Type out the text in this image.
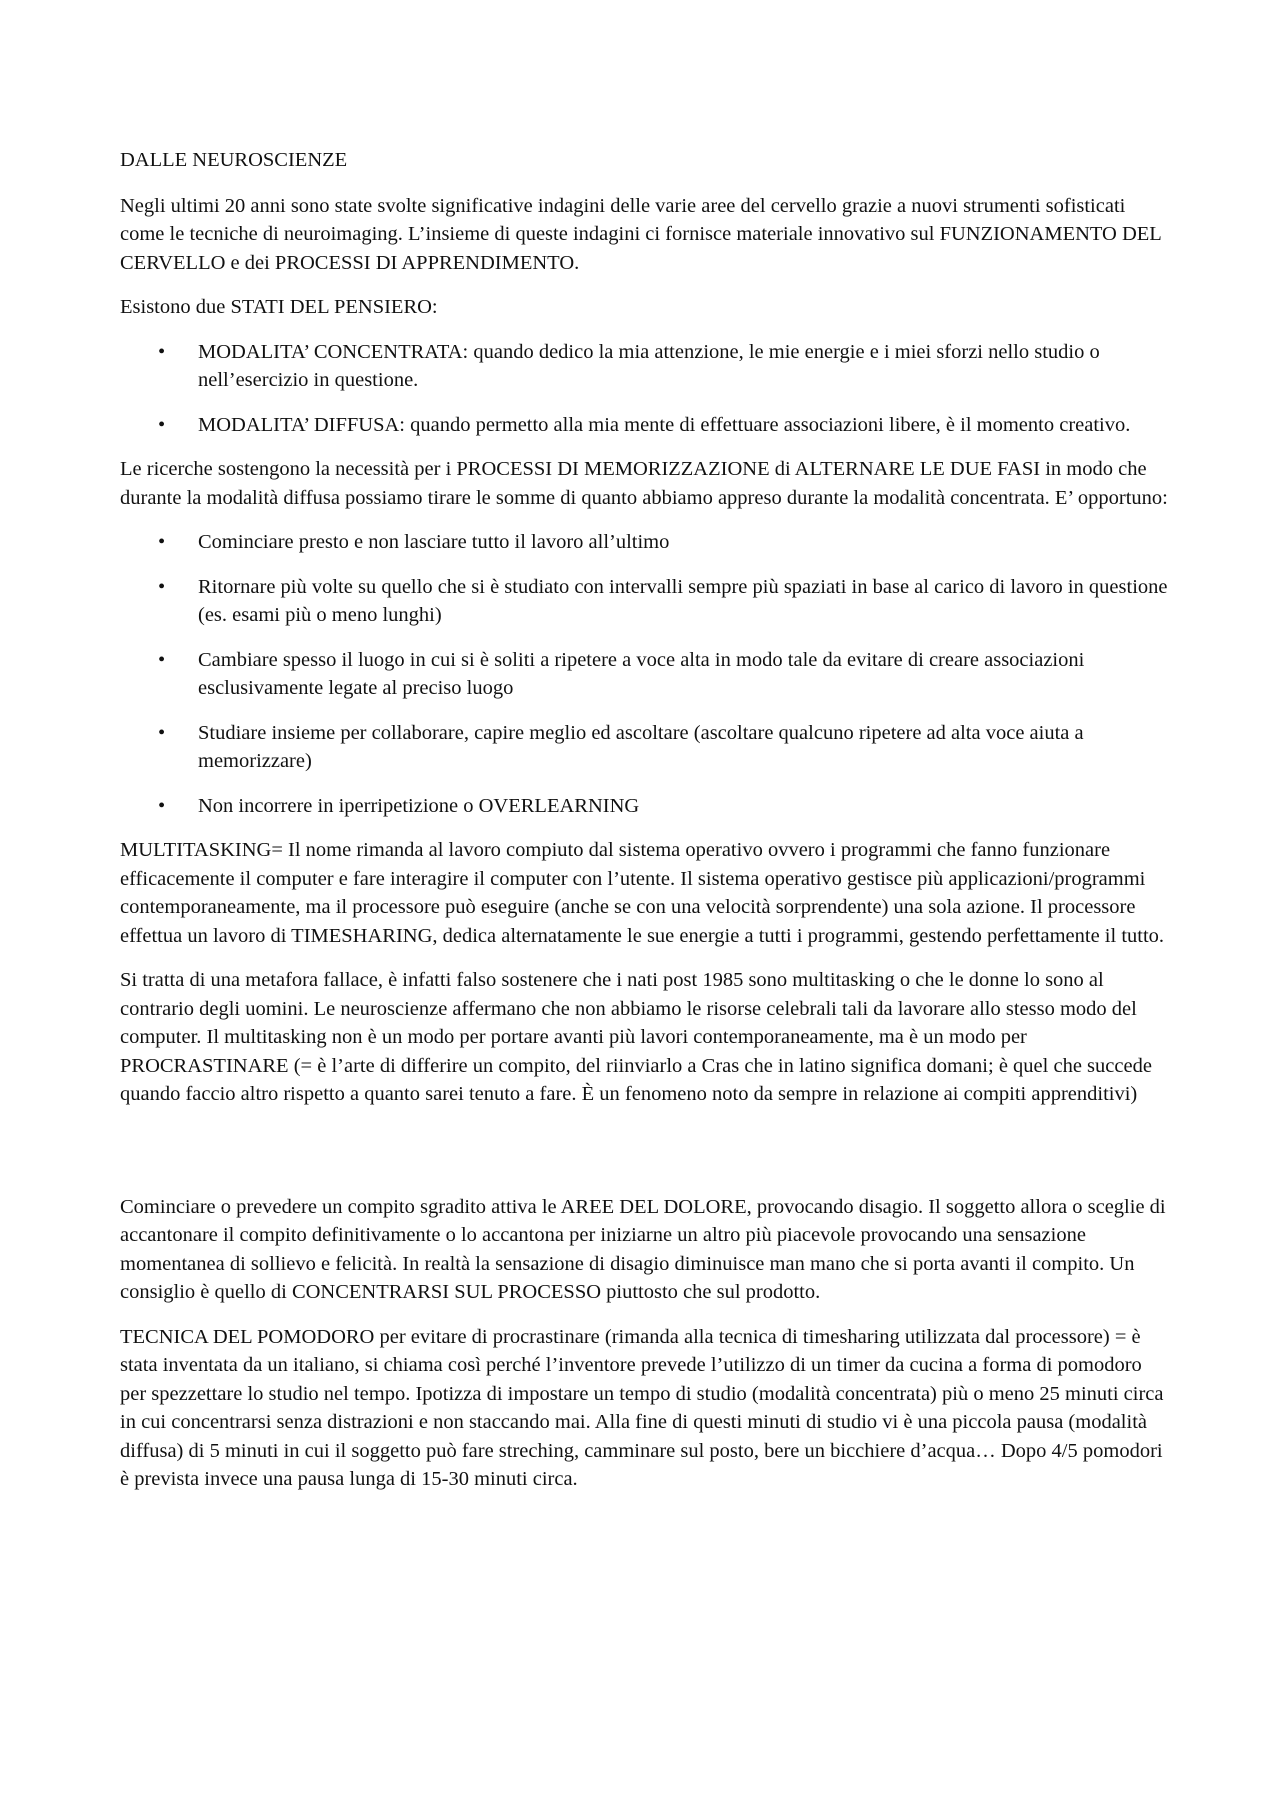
DALLE NEUROSCIENZE

Negli ultimi 20 anni sono state svolte significative indagini delle varie aree del cervello grazie a nuovi strumenti sofisticati come le tecniche di neuroimaging. L’insieme di queste indagini ci fornisce materiale innovativo sul FUNZIONAMENTO DEL CERVELLO e dei PROCESSI DI APPRENDIMENTO.

Esistono due STATI DEL PENSIERO:

• MODALITA’ CONCENTRATA: quando dedico la mia attenzione, le mie energie e i miei sforzi nello studio o nell’esercizio in questione.
• MODALITA’ DIFFUSA: quando permetto alla mia mente di effettuare associazioni libere, è il momento creativo.

Le ricerche sostengono la necessità per i PROCESSI DI MEMORIZZAZIONE di ALTERNARE LE DUE FASI in modo che durante la modalità diffusa possiamo tirare le somme di quanto abbiamo appreso durante la modalità concentrata. E’ opportuno:

• Cominciare presto e non lasciare tutto il lavoro all’ultimo
• Ritornare più volte su quello che si è studiato con intervalli sempre più spaziati in base al carico di lavoro in questione (es. esami più o meno lunghi)
• Cambiare spesso il luogo in cui si è soliti a ripetere a voce alta in modo tale da evitare di creare associazioni esclusivamente legate al preciso luogo
• Studiare insieme per collaborare, capire meglio ed ascoltare (ascoltare qualcuno ripetere ad alta voce aiuta a memorizzare)
• Non incorrere in iperripetizione o OVERLEARNING

MULTITASKING= Il nome rimanda al lavoro compiuto dal sistema operativo ovvero i programmi che fanno funzionare efficacemente il computer e fare interagire il computer con l’utente. Il sistema operativo gestisce più applicazioni/programmi contemporaneamente, ma il processore può eseguire (anche se con una velocità sorprendente) una sola azione. Il processore effettua un lavoro di TIMESHARING, dedica alternatamente le sue energie a tutti i programmi, gestendo perfettamente il tutto.

Si tratta di una metafora fallace, è infatti falso sostenere che i nati post 1985 sono multitasking o che le donne lo sono al contrario degli uomini. Le neuroscienze affermano che non abbiamo le risorse celebrali tali da lavorare allo stesso modo del computer. Il multitasking non è un modo per portare avanti più lavori contemporaneamente, ma è un modo per PROCRASTINARE (= è l’arte di differire un compito, del riinviarlo a Cras che in latino significa domani; è quel che succede quando faccio altro rispetto a quanto sarei tenuto a fare. È un fenomeno noto da sempre in relazione ai compiti apprenditivi)

Cominciare o prevedere un compito sgradito attiva le AREE DEL DOLORE, provocando disagio. Il soggetto allora o sceglie di accantonare il compito definitivamente o lo accantona per iniziarne un altro più piacevole provocando una sensazione momentanea di sollievo e felicità. In realtà la sensazione di disagio diminuisce man mano che si porta avanti il compito. Un consiglio è quello di CONCENTRARSI SUL PROCESSO piuttosto che sul prodotto.

TECNICA DEL POMODORO per evitare di procrastinare (rimanda alla tecnica di timesharing utilizzata dal processore) = è stata inventata da un italiano, si chiama così perché l’inventore prevede l’utilizzo di un timer da cucina a forma di pomodoro per spezzettare lo studio nel tempo. Ipotizza di impostare un tempo di studio (modalità concentrata) più o meno 25 minuti circa in cui concentrarsi senza distrazioni e non staccando mai. Alla fine di questi minuti di studio vi è una piccola pausa (modalità diffusa) di 5 minuti in cui il soggetto può fare streching, camminare sul posto, bere un bicchiere d’acqua… Dopo 4/5 pomodori è prevista invece una pausa lunga di 15-30 minuti circa.
